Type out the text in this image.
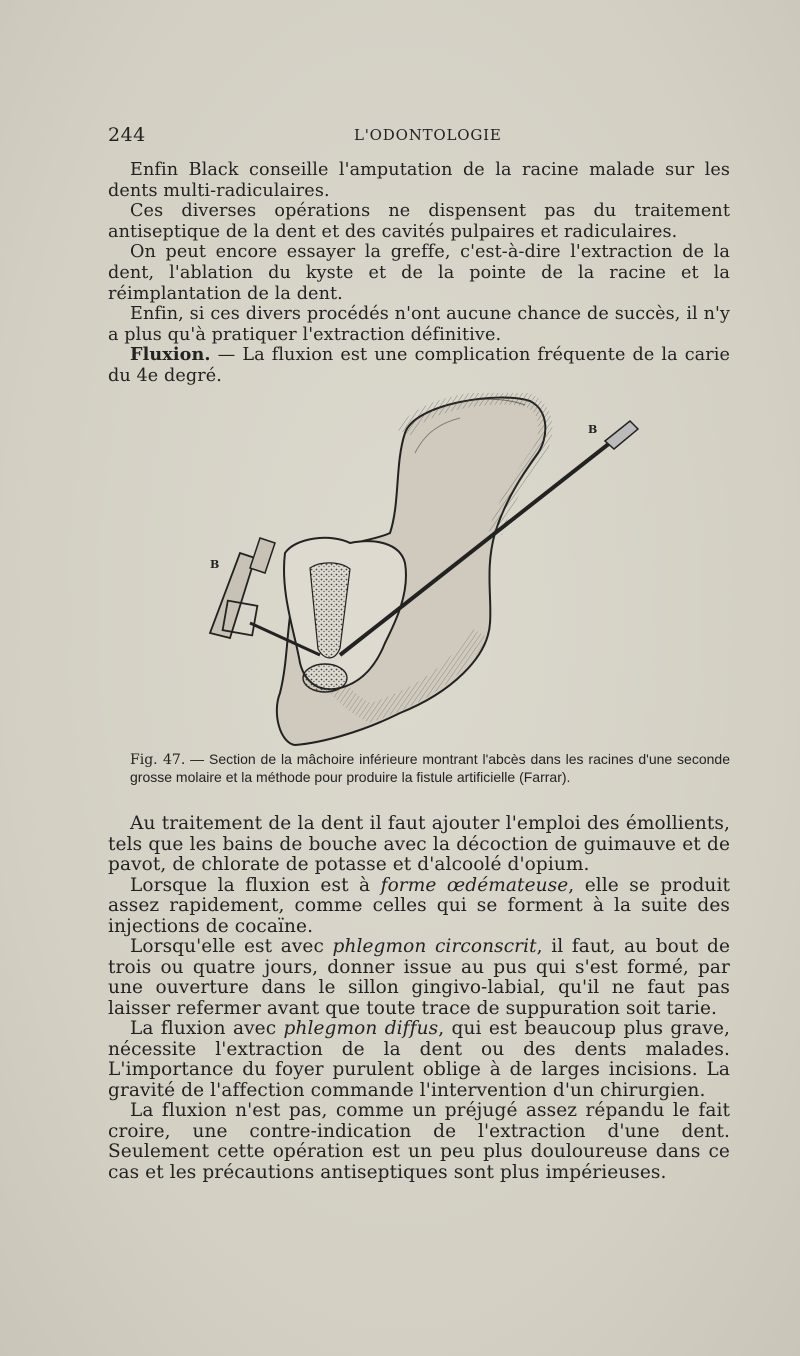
244	L'ODONTOLOGIE

Enfin Black conseille l'amputation de la racine malade sur les dents multi-radiculaires.

Ces diverses opérations ne dispensent pas du traitement antiseptique de la dent et des cavités pulpaires et radiculaires.

On peut encore essayer la greffe, c'est-à-dire l'extraction de la dent, l'ablation du kyste et de la pointe de la racine et la réimplantation de la dent.

Enfin, si ces divers procédés n'ont aucune chance de succès, il n'y a plus qu'à pratiquer l'extraction définitive.

Fluxion. — La fluxion est une complication fréquente de la carie du 4e degré.

B
B
Fig. 47. — Section de la mâchoire inférieure montrant l'abcès dans les racines d'une seconde grosse molaire et la méthode pour produire la fistule artificielle (Farrar).

Au traitement de la dent il faut ajouter l'emploi des émollients, tels que les bains de bouche avec la décoction de guimauve et de pavot, de chlorate de potasse et d'alcoolé d'opium.

Lorsque la fluxion est à forme œdémateuse, elle se produit assez rapidement, comme celles qui se forment à la suite des injections de cocaïne.

Lorsqu'elle est avec phlegmon circonscrit, il faut, au bout de trois ou quatre jours, donner issue au pus qui s'est formé, par une ouverture dans le sillon gingivo-labial, qu'il ne faut pas laisser refermer avant que toute trace de suppuration soit tarie.

La fluxion avec phlegmon diffus, qui est beaucoup plus grave, nécessite l'extraction de la dent ou des dents malades. L'importance du foyer purulent oblige à de larges incisions. La gravité de l'affection commande l'intervention d'un chirurgien.

La fluxion n'est pas, comme un préjugé assez répandu le fait croire, une contre-indication de l'extraction d'une dent. Seulement cette opération est un peu plus douloureuse dans ce cas et les précautions antiseptiques sont plus impérieuses.
